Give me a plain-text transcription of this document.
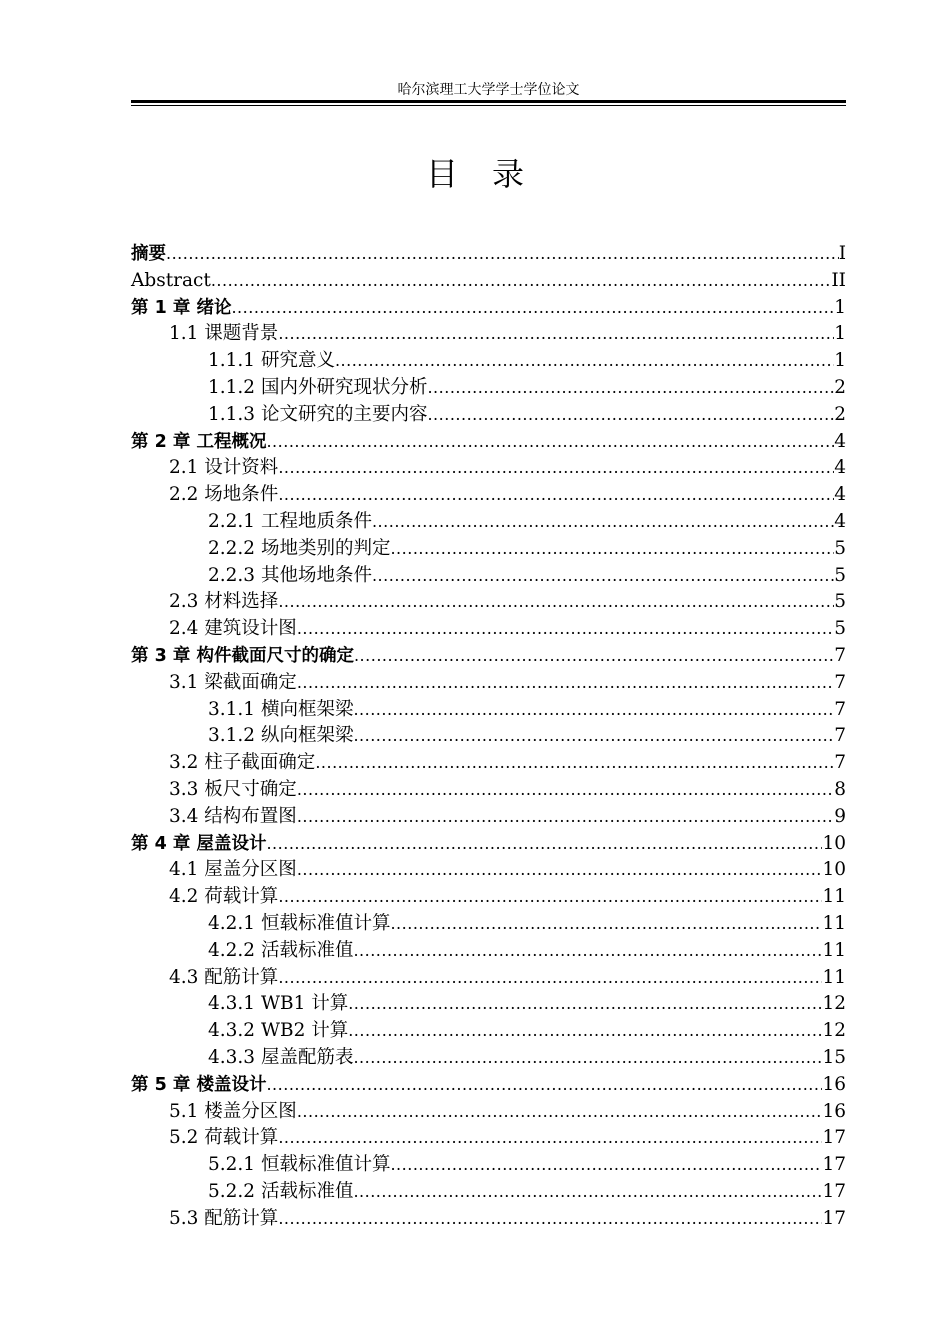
哈尔滨理工大学学士学位论文
目录
摘要 .....	I
Abstract .....	II
第 1 章 绪论 .....	1
1.1 课题背景 .....	1
1.1.1 研究意义 .....	1
1.1.2 国内外研究现状分析 .....	2
1.1.3 论文研究的主要内容 .....	2
第 2 章 工程概况 .....	4
2.1 设计资料 .....	4
2.2 场地条件 .....	4
2.2.1 工程地质条件 .....	4
2.2.2 场地类别的判定 .....	5
2.2.3 其他场地条件 .....	5
2.3 材料选择 .....	5
2.4 建筑设计图 .....	5
第 3 章 构件截面尺寸的确定 .....	7
3.1 梁截面确定 .....	7
3.1.1 横向框架梁 .....	7
3.1.2 纵向框架梁 .....	7
3.2 柱子截面确定 .....	7
3.3 板尺寸确定 .....	8
3.4 结构布置图 .....	9
第 4 章 屋盖设计 .....	10
4.1 屋盖分区图 .....	10
4.2 荷载计算 .....	11
4.2.1 恒载标准值计算 .....	11
4.2.2 活载标准值 .....	11
4.3 配筋计算 .....	11
4.3.1 WB1 计算 .....	12
4.3.2 WB2 计算 .....	12
4.3.3 屋盖配筋表 .....	15
第 5 章 楼盖设计 .....	16
5.1 楼盖分区图 .....	16
5.2 荷载计算 .....	17
5.2.1 恒载标准值计算 .....	17
5.2.2 活载标准值 .....	17
5.3 配筋计算 .....	17
